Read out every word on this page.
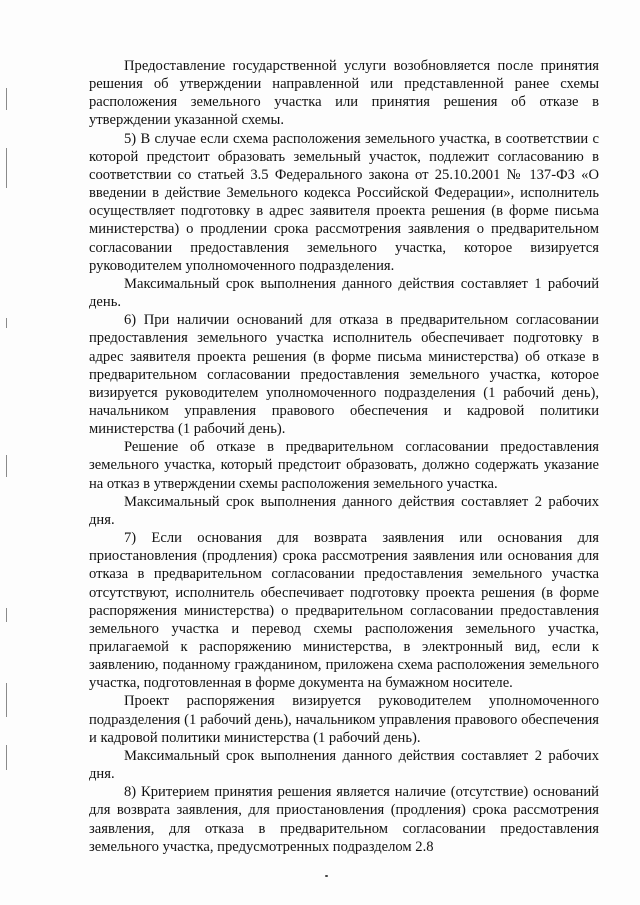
Предоставление государственной услуги возобновляется после принятия решения об утверждении направленной или представленной ранее схемы расположения земельного участка или принятия решения об отказе в утверждении указанной схемы.

5) В случае если схема расположения земельного участка, в соответствии с которой предстоит образовать земельный участок, подлежит согласованию в соответствии со статьей 3.5 Федерального закона от 25.10.2001 № 137-ФЗ «О введении в действие Земельного кодекса Российской Федерации», исполнитель осуществляет подготовку в адрес заявителя проекта решения (в форме письма министерства) о продлении срока рассмотрения заявления о предварительном согласовании предоставления земельного участка, которое визируется руководителем уполномоченного подразделения.

Максимальный срок выполнения данного действия составляет 1 рабочий день.

6) При наличии оснований для отказа в предварительном согласовании предоставления земельного участка исполнитель обеспечивает подготовку в адрес заявителя проекта решения (в форме письма министерства) об отказе в предварительном согласовании предоставления земельного участка, которое визируется руководителем уполномоченного подразделения (1 рабочий день), начальником управления правового обеспечения и кадровой политики министерства (1 рабочий день).

Решение об отказе в предварительном согласовании предоставления земельного участка, который предстоит образовать, должно содержать указание на отказ в утверждении схемы расположения земельного участка.

Максимальный срок выполнения данного действия составляет 2 рабочих дня.

7) Если основания для возврата заявления или основания для приостановления (продления) срока рассмотрения заявления или основания для отказа в предварительном согласовании предоставления земельного участка отсутствуют, исполнитель обеспечивает подготовку проекта решения (в форме распоряжения министерства) о предварительном согласовании предоставления земельного участка и перевод схемы расположения земельного участка, прилагаемой к распоряжению министерства, в электронный вид, если к заявлению, поданному гражданином, приложена схема расположения земельного участка, подготовленная в форме документа на бумажном носителе.

Проект распоряжения визируется руководителем уполномоченного подразделения (1 рабочий день), начальником управления правового обеспечения и кадровой политики министерства (1 рабочий день).

Максимальный срок выполнения данного действия составляет 2 рабочих дня.

8) Критерием принятия решения является наличие (отсутствие) оснований для возврата заявления, для приостановления (продления) срока рассмотрения заявления, для отказа в предварительном согласовании предоставления земельного участка, предусмотренных подразделом 2.8
